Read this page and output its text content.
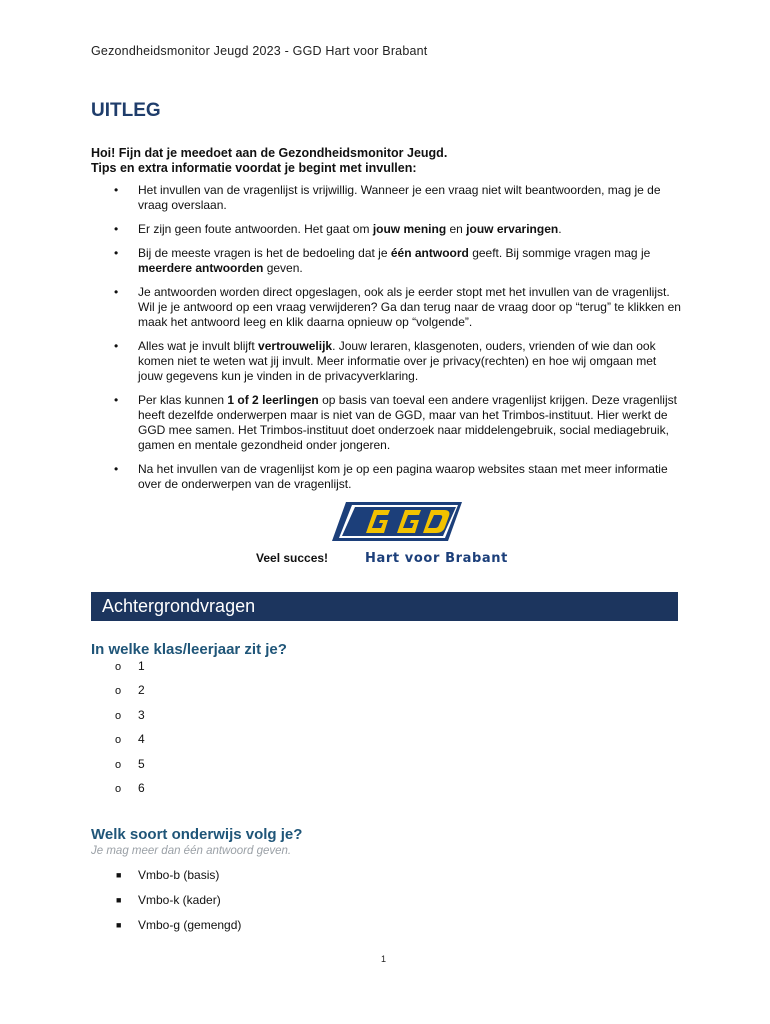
Gezondheidsmonitor Jeugd 2023 - GGD Hart voor Brabant
UITLEG

Hoi! Fijn dat je meedoet aan de Gezondheidsmonitor Jeugd.
Tips en extra informatie voordat je begint met invullen:

• Het invullen van de vragenlijst is vrijwillig. Wanneer je een vraag niet wilt beantwoorden, mag je de vraag overslaan.
• Er zijn geen foute antwoorden. Het gaat om jouw mening en jouw ervaringen.
• Bij de meeste vragen is het de bedoeling dat je één antwoord geeft. Bij sommige vragen mag je meerdere antwoorden geven.
• Je antwoorden worden direct opgeslagen, ook als je eerder stopt met het invullen van de vragenlijst. Wil je je antwoord op een vraag verwijderen? Ga dan terug naar de vraag door op “terug” te klikken en maak het antwoord leeg en klik daarna opnieuw op “volgende”.
• Alles wat je invult blijft vertrouwelijk. Jouw leraren, klasgenoten, ouders, vrienden of wie dan ook komen niet te weten wat jij invult. Meer informatie over je privacy(rechten) en hoe wij omgaan met jouw gegevens kun je vinden in de privacyverklaring.
• Per klas kunnen 1 of 2 leerlingen op basis van toeval een andere vragenlijst krijgen. Deze vragenlijst heeft dezelfde onderwerpen maar is niet van de GGD, maar van het Trimbos-instituut. Hier werkt de GGD mee samen. Het Trimbos-instituut doet onderzoek naar middelengebruik, social mediagebruik, gamen en mentale gezondheid onder jongeren.
• Na het invullen van de vragenlijst kom je op een pagina waarop websites staan met meer informatie over de onderwerpen van de vragenlijst.
Hart voor Brabant
Veel succes!
Achtergrondvragen
In welke klas/leerjaar zit je?
o 1
o 2
o 3
o 4
o 5
o 6
Welk soort onderwijs volg je?
Je mag meer dan één antwoord geven.
■ Vmbo-b (basis)
■ Vmbo-k (kader)
■ Vmbo-g (gemengd)
1
